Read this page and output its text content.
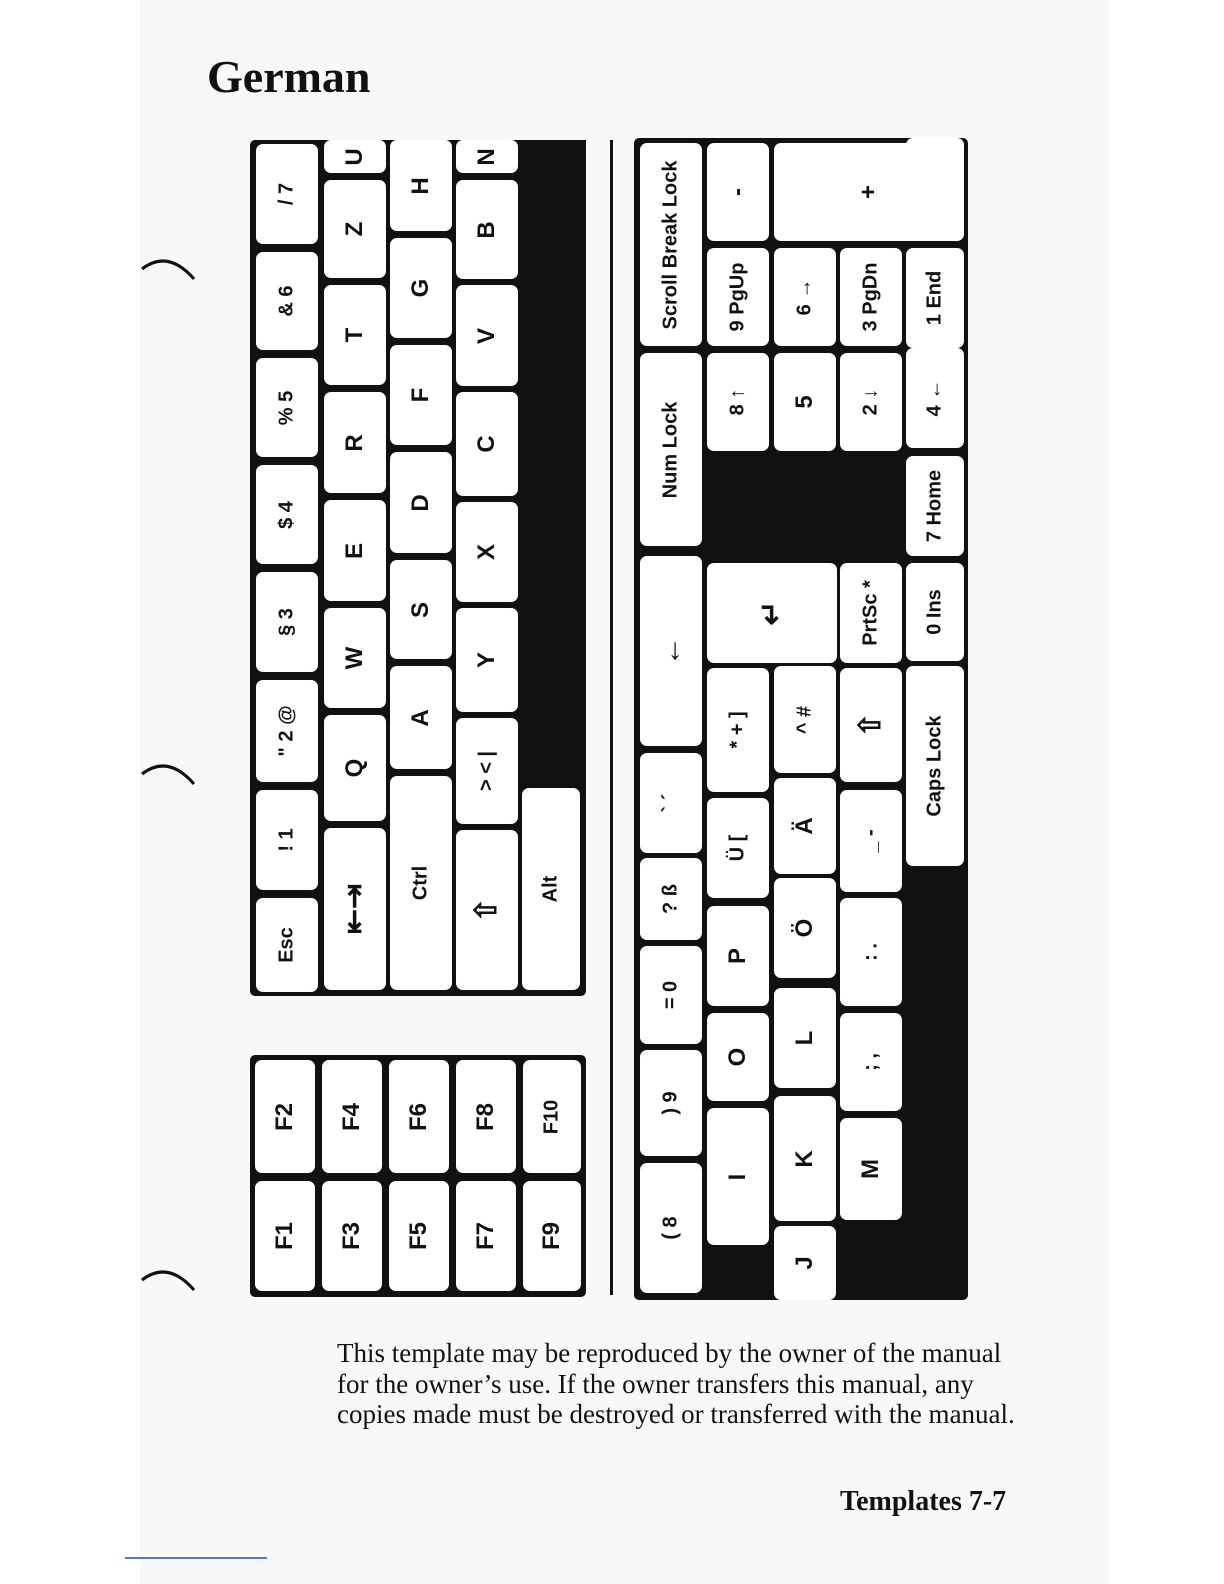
German
F1
F2
F3
F4
F5
F6
F7
F8
F9
F10
Esc
! 1
" 2 @
§ 3
$ 4
% 5
& 6
/ 7
⇤⇥
Q
W
E
R
T
Z
U
Ctrl
A
S
D
F
G
H
⇧
> < |
Y
X
C
V
B
N
Alt
( 8
) 9
= 0
? ß
` ´
←
I
O
P
Ü [
* + ]
↵
J
K
L
Ö
Ä
^ #
M
; ,
: .
_ -
⇧
PrtSc *
Caps Lock
0 Ins
7 Home
4 ←
1 End
Num Lock 8 ↑ 5 2 ↓
Scroll Break Lock 9 PgUp 6 → 3 PgDn
-	+

This template may be reproduced by the owner of the manual for the owner’s use. If the owner transfers this manual, any copies made must be destroyed or transferred with the manual.

Templates 7-7
